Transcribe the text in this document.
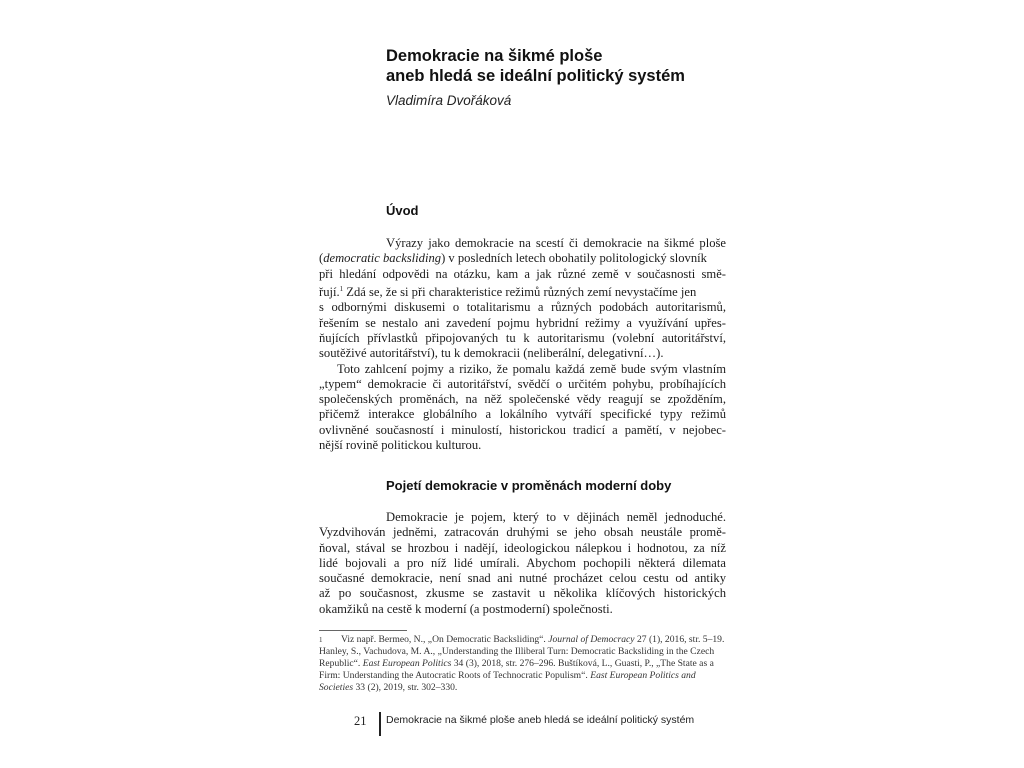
Demokracie na šikmé ploše
aneb hledá se ideální politický systém
Vladimíra Dvořáková
Úvod
Výrazy jako demokracie na scestí či demokracie na šikmé ploše
(democratic backsliding) v posledních letech obohatily politologický slovník
při hledání odpovědi na otázku, kam a jak různé země v současnosti smě-
řují.$^1$ Zdá se, že si při charakteristice režimů různých zemí nevystačíme jen
s odbornými diskusemi o totalitarismu a různých podobách autoritarismů,
řešením se nestalo ani zavedení pojmu hybridní režimy a využívání upřes-
ňujících přívlastků připojovaných tu k autoritarismu (volební autoritářství,
soutěživé autoritářství), tu k demokracii (neliberální, delegativní…).
Toto zahlcení pojmy a riziko, že pomalu každá země bude svým vlastním
„typem“ demokracie či autoritářství, svědčí o určitém pohybu, probíhajících
společenských proměnách, na něž společenské vědy reagují se zpožděním,
přičemž interakce globálního a lokálního vytváří specifické typy režimů
ovlivněné současností i minulostí, historickou tradicí a pamětí, v nejobec-
nější rovině politickou kulturou.
Pojetí demokracie v proměnách moderní doby
Demokracie je pojem, který to v dějinách neměl jednoduché.
Vyzdvihován jedněmi, zatracován druhými se jeho obsah neustále promě-
ňoval, stával se hrozbou i nadějí, ideologickou nálepkou i hodnotou, za níž
lidé bojovali a pro níž lidé umírali. Abychom pochopili některá dilemata
současné demokracie, není snad ani nutné procházet celou cestu od antiky
až po současnost, zkusme se zastavit u několika klíčových historických
okamžiků na cestě k moderní (a postmoderní) společnosti.
1 Viz např. Bermeo, N., „On Democratic Backsliding“. Journal of Democracy 27 (1), 2016, str. 5–19. Hanley, S., Vachudova, M. A., „Understanding the Illiberal Turn: Democratic Backsliding in the Czech Republic“. East European Politics 34 (3), 2018, str. 276–296. Buštíková, L., Guasti, P., „The State as a Firm: Understanding the Autocratic Roots of Technocratic Populism“. East European Politics and Societies 33 (2), 2019, str. 302–330.
21 Demokracie na šikmé ploše aneb hledá se ideální politický systém
